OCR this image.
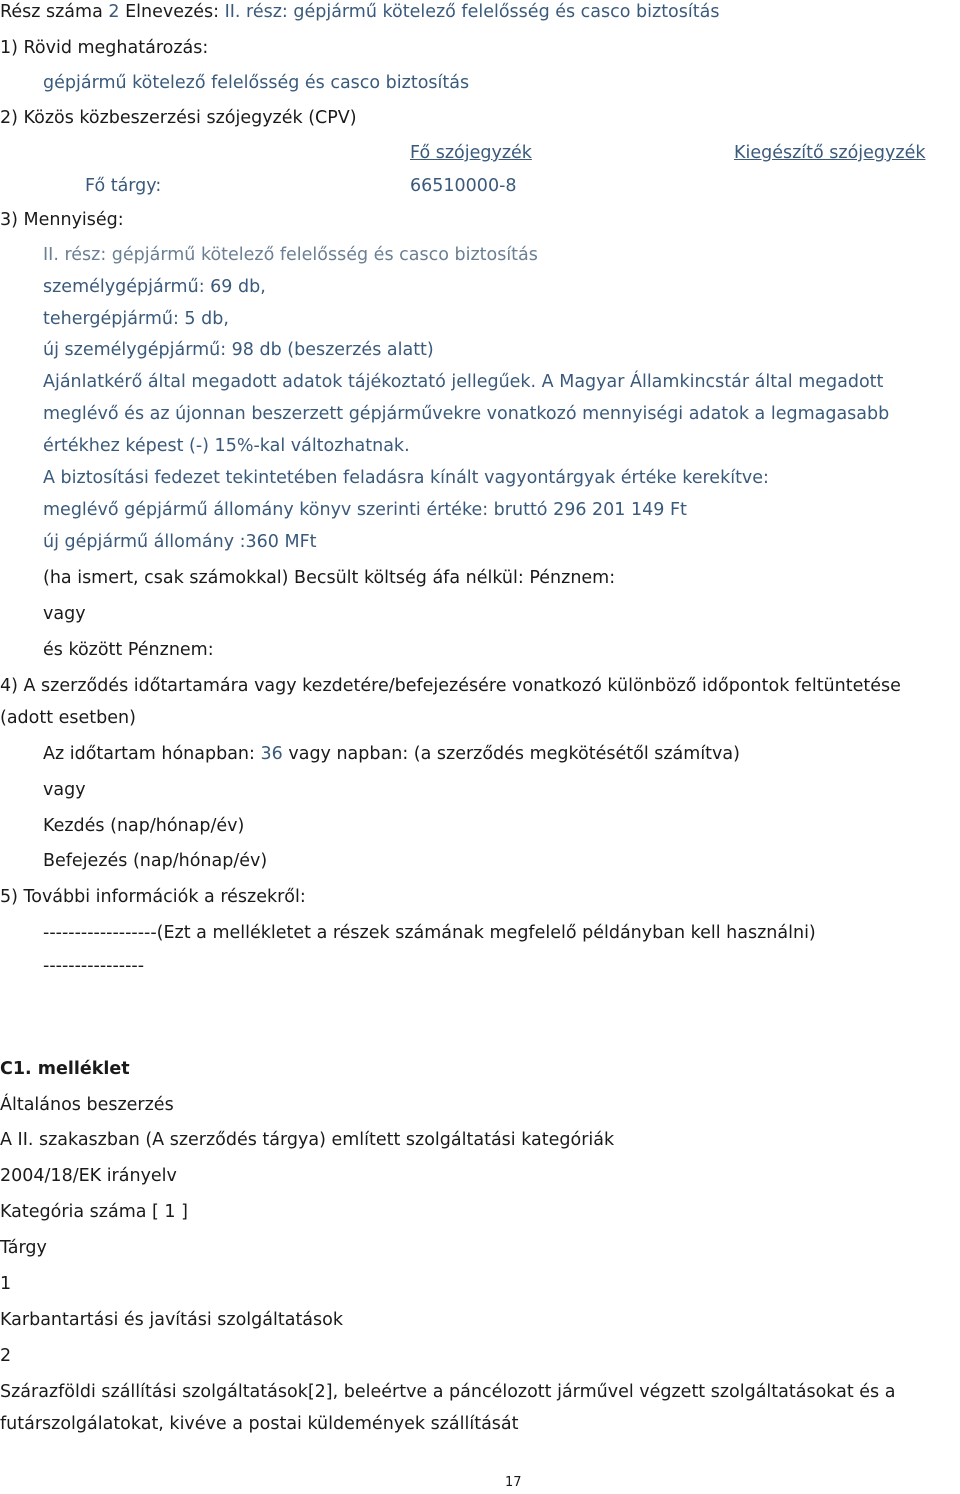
Rész száma 2 Elnevezés: II. rész: gépjármű kötelező felelősség és casco biztosítás
1) Rövid meghatározás:
gépjármű kötelező felelősség és casco biztosítás
2) Közös közbeszerzési szójegyzék (CPV)
Fő szójegyzék	Kiegészítő szójegyzék
Fő tárgy:	66510000-8
3) Mennyiség:
II. rész: gépjármű kötelező felelősség és casco biztosítás
személygépjármű: 69 db,
tehergépjármű: 5 db,
új személygépjármű: 98 db (beszerzés alatt)
Ajánlatkérő által megadott adatok tájékoztató jellegűek. A Magyar Államkincstár által megadott
meglévő és az újonnan beszerzett gépjárművekre vonatkozó mennyiségi adatok a legmagasabb
értékhez képest (-) 15%-kal változhatnak.
A biztosítási fedezet tekintetében feladásra kínált vagyontárgyak értéke kerekítve:
meglévő gépjármű állomány könyv szerinti értéke: bruttó 296 201 149 Ft
új gépjármű állomány :360 MFt
(ha ismert, csak számokkal) Becsült költség áfa nélkül: Pénznem:
vagy
és között Pénznem:
4) A szerződés időtartamára vagy kezdetére/befejezésére vonatkozó különböző időpontok feltüntetése
(adott esetben)
Az időtartam hónapban: 36 vagy napban: (a szerződés megkötésétől számítva)
vagy
Kezdés (nap/hónap/év)
Befejezés (nap/hónap/év)
5) További információk a részekről:
------------------(Ezt a mellékletet a részek számának megfelelő példányban kell használni)
----------------
C1. melléklet
Általános beszerzés
A II. szakaszban (A szerződés tárgya) említett szolgáltatási kategóriák
2004/18/EK irányelv
Kategória száma [ 1 ]
Tárgy
1
Karbantartási és javítási szolgáltatások
2
Szárazföldi szállítási szolgáltatások[2], beleértve a páncélozott járművel végzett szolgáltatásokat és a
futárszolgálatokat, kivéve a postai küldemények szállítását
17
